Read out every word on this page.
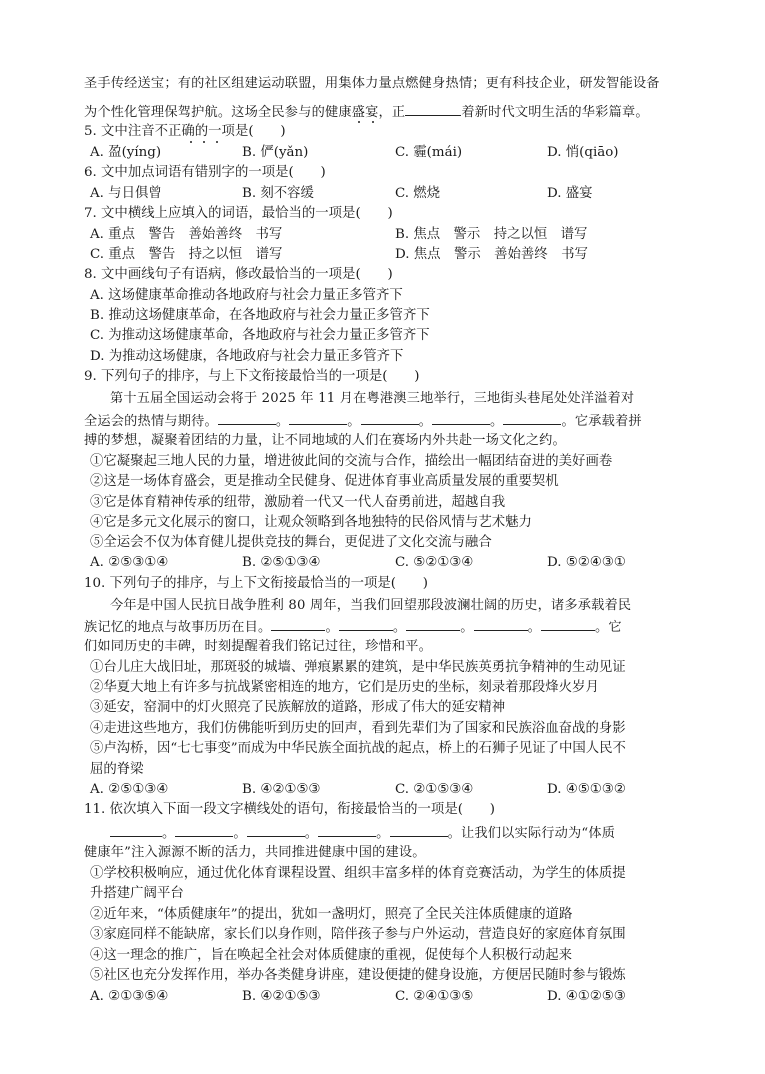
圣手传经送宝；有的社区组建运动联盟，用集体力量点燃健身热情；更有科技企业，研发智能设备
为个性化管理保驾护航。这场全民参与的健康盛宴，正	着新时代文明生活的华彩篇章。
5. 文中注音不正确的一项是(　　)
A. 盈(yíng)	B. 俨(yǎn)	C. 霾(mái)	D. 悄(qiāo)
6. 文中加点词语有错别字的一项是(　　)
A. 与日俱曾	B. 刻不容缓	C. 燃烧	D. 盛宴
7. 文中横线上应填入的词语，最恰当的一项是(　　)
A. 重点　警告　善始善终　书写	B. 焦点　警示　持之以恒　谱写
C. 重点　警告　持之以恒　谱写	D. 焦点　警示　善始善终　书写
8. 文中画线句子有语病，修改最恰当的一项是(　　)
A. 这场健康革命推动各地政府与社会力量正多管齐下
B. 推动这场健康革命，在各地政府与社会力量正多管齐下
C. 为推动这场健康革命，各地政府与社会力量正多管齐下
D. 为推动这场健康，各地政府与社会力量正多管齐下
9. 下列句子的排序，与上下文衔接最恰当的一项是(　　)
第十五届全国运动会将于 2025 年 11 月在粤港澳三地举行，三地街头巷尾处处洋溢着对
全运会的热情与期待。	。	。	。	。	。它承载着拼
搏的梦想，凝聚着团结的力量，让不同地域的人们在赛场内外共赴一场文化之约。
①它凝聚起三地人民的力量，增进彼此间的交流与合作，描绘出一幅团结奋进的美好画卷
②这是一场体育盛会，更是推动全民健身、促进体育事业高质量发展的重要契机
③它是体育精神传承的纽带，激励着一代又一代人奋勇前进，超越自我
④它是多元文化展示的窗口，让观众领略到各地独特的民俗风情与艺术魅力
⑤全运会不仅为体育健儿提供竞技的舞台，更促进了文化交流与融合
A. ②⑤③①④	B. ②⑤①③④	C. ⑤②①③④	D. ⑤②④③①
10. 下列句子的排序，与上下文衔接最恰当的一项是(　　)
今年是中国人民抗日战争胜利 80 周年，当我们回望那段波澜壮阔的历史，诸多承载着民
族记忆的地点与故事历历在目。	。	。	。	。	。它
们如同历史的丰碑，时刻提醒着我们铭记过往，珍惜和平。
①台儿庄大战旧址，那斑驳的城墙、弹痕累累的建筑，是中华民族英勇抗争精神的生动见证
②华夏大地上有许多与抗战紧密相连的地方，它们是历史的坐标，刻录着那段烽火岁月
③延安，窑洞中的灯火照亮了民族解放的道路，形成了伟大的延安精神
④走进这些地方，我们仿佛能听到历史的回声，看到先辈们为了国家和民族浴血奋战的身影
⑤卢沟桥，因“七七事变”而成为中华民族全面抗战的起点，桥上的石狮子见证了中国人民不
屈的脊梁
A. ②⑤①③④	B. ④②①⑤③	C. ②①⑤③④	D. ④⑤①③②
11. 依次填入下面一段文字横线处的语句，衔接最恰当的一项是(　　)
。	。	。	。	。让我们以实际行动为“体质
健康年”注入源源不断的活力，共同推进健康中国的建设。
①学校积极响应，通过优化体育课程设置、组织丰富多样的体育竞赛活动，为学生的体质提
升搭建广阔平台
②近年来，“体质健康年”的提出，犹如一盏明灯，照亮了全民关注体质健康的道路
③家庭同样不能缺席，家长们以身作则，陪伴孩子参与户外运动，营造良好的家庭体育氛围
④这一理念的推广，旨在唤起全社会对体质健康的重视，促使每个人积极行动起来
⑤社区也充分发挥作用，举办各类健身讲座，建设便捷的健身设施，方便居民随时参与锻炼
A. ②①③⑤④	B. ④②①⑤③	C. ②④①③⑤	D. ④①②⑤③
